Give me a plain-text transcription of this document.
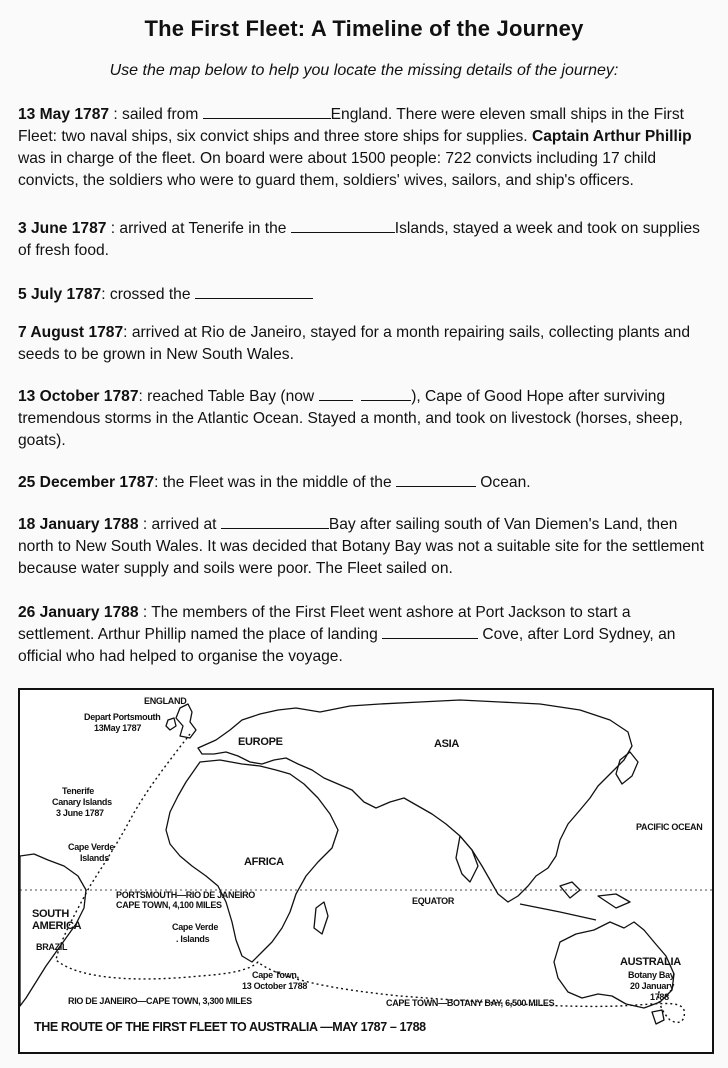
The First Fleet: A Timeline of the Journey
Use the map below to help you locate the missing details of the journey:
13 May 1787 : sailed from	England. There were eleven small ships in the First Fleet: two naval ships, six convict ships and three store ships for supplies. Captain Arthur Phillip was in charge of the fleet. On board were about 1500 people: 722 convicts including 17 child convicts, the soldiers who were to guard them, soldiers' wives, sailors, and ship's officers.
3 June 1787 : arrived at Tenerife in the	Islands, stayed a week and took on supplies of fresh food.
5 July 1787: crossed the
7 August 1787: arrived at Rio de Janeiro, stayed for a month repairing sails, collecting plants and seeds to be grown in New South Wales.
13 October 1787: reached Table Bay (now	), Cape of Good Hope after surviving tremendous storms in the Atlantic Ocean. Stayed a month, and took on livestock (horses, sheep, goats).
25 December 1787: the Fleet was in the middle of the	Ocean.
18 January 1788 : arrived at	Bay after sailing south of Van Diemen's Land, then north to New South Wales. It was decided that Botany Bay was not a suitable site for the settlement because water supply and soils were poor. The Fleet sailed on.
26 January 1788 : The members of the First Fleet went ashore at Port Jackson to start a settlement. Arthur Phillip named the place of landing	Cove, after Lord Sydney, an official who had helped to organise the voyage.
ENGLAND
Depart Portsmouth
13May 1787
EUROPE	ASIA
Tenerife
Canary Islands
3 June 1787
Cape Verde
Islands	AFRICA
PACIFIC OCEAN
PORTSMOUTH—RIO DE JANEIRO
CAPE TOWN, 4,100 MILES
SOUTH
AMERICA
BRAZIL
Cape Verde
. Islands
EQUATOR
AUSTRALIA
Botany Bay
20 January
1788
Cape Town,
13 October 1788
RIO DE JANEIRO—CAPE TOWN, 3,300 MILES	CAPE TOWN—BOTANY BAY, 6,500 MILES
THE ROUTE OF THE FIRST FLEET TO AUSTRALIA —MAY 1787 – 1788
